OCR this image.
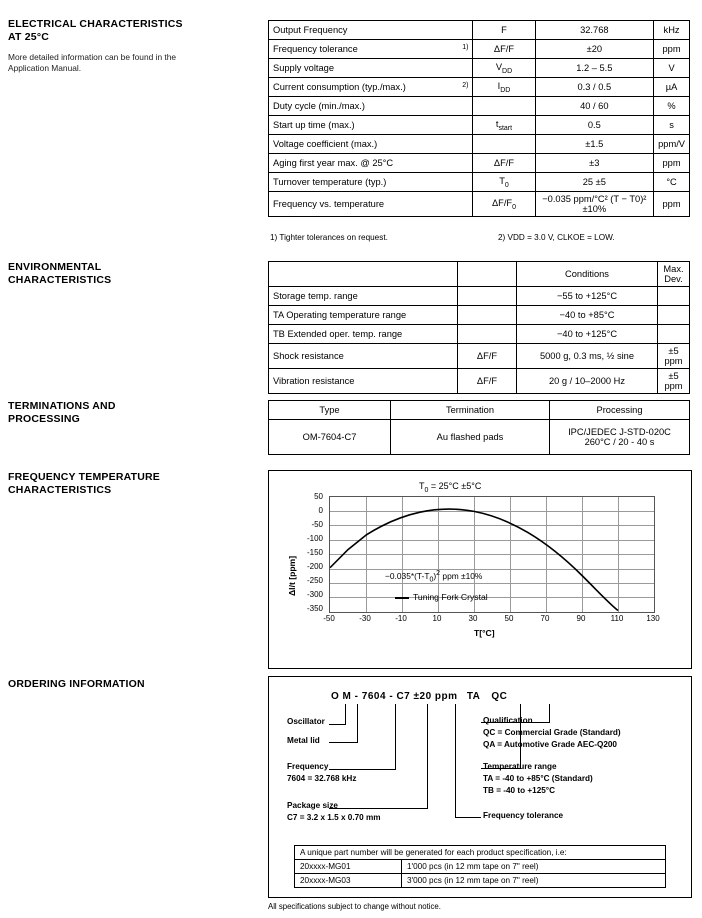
ELECTRICAL CHARACTERISTICS
AT 25°C
More detailed information can be found in the
Application Manual.
Output Frequency	F	32.768	kHz
Frequency tolerance 1)	ΔF/F	±20	ppm
Supply voltage	$V_{DD}$	1.2 – 5.5	V
Current consumption (typ./max.) 2)	$I_{DD}$	0.3 / 0.5	µA
Duty cycle (min./max.)		40 / 60	%
Start up time (max.)	$t_{start}$	0.5	s
Voltage coefficient (max.)		±1.5	ppm/V
Aging first year max. @ 25°C	ΔF/F	±3	ppm
Turnover temperature (typ.)	$T_0$	25 ±5	°C
Frequency vs. temperature	$\Delta F/F_0$	−0.035 ppm/°C² (T − T0)² ±10%	ppm
1) Tighter tolerances on request.	2) VDD = 3.0 V, CLKOE = LOW.
ENVIRONMENTAL
CHARACTERISTICS
			Conditions	Max. Dev.
Storage temp. range		−55 to +125°C	
TA Operating temperature range		−40 to +85°C	
TB Extended oper. temp. range		−40 to +125°C	
Shock resistance	ΔF/F	5000 g, 0.3 ms, ½ sine	±5 ppm
Vibration resistance	ΔF/F	20 g / 10–2000 Hz	±5 ppm
TERMINATIONS AND
PROCESSING
Type	Termination	Processing
OM-7604-C7	Au flashed pads	IPC/JEDEC J-STD-020C
260°C / 20 - 40 s
FREQUENCY TEMPERATURE
CHARACTERISTICS	$T_0 = 25^\circ C \pm 5^\circ C$
50
0
-50
-100
-150
-200
-250
-300
-350
ΔI/t [ppm]	$-0.035*(T-T_0)^2$ ppm ±10%
Tuning Fork Crystal
-50	-30	-10	10	30	50	70	90	110	130
T[°C]
ORDERING INFORMATION
O M - 7604 - C7 ±20 ppm TA QC
Oscillator
Metal lid
Frequency
7604 = 32.768 kHz
Package size
C7 = 3.2 x 1.5 x 0.70 mm
Qualification
QC = Commercial Grade (Standard)
QA = Automotive Grade AEC-Q200
Temperature range
TA = -40 to +85°C (Standard)
TB = -40 to +125°C
Frequency tolerance
A unique part number will be generated for each product specification, i.e:	
20xxxx-MG01	1'000 pcs (in 12 mm tape on 7" reel)
20xxxx-MG03	3'000 pcs (in 12 mm tape on 7" reel)
All specifications subject to change without notice.
